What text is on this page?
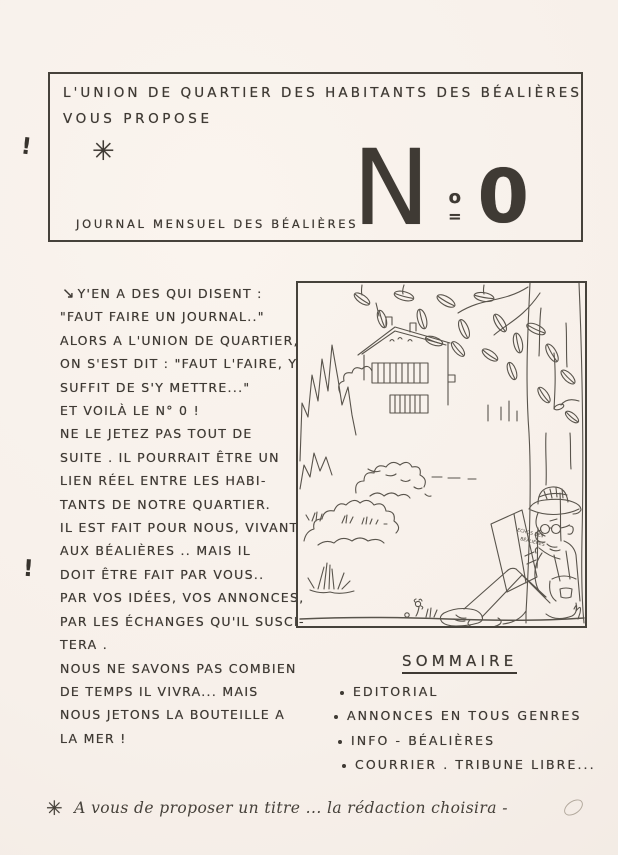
L'UNION DE QUARTIER DES HABITANTS DES BÉALIÈRES
VOUS PROPOSE
✳ N o
= 0
JOURNAL MENSUEL DES BÉALIÈRES
↘ Y'EN A DES QUI DISENT :
"FAUT FAIRE UN JOURNAL.."
ALORS A L'UNION DE QUARTIER,
ON S'EST DIT : "FAUT L'FAIRE, Y
SUFFIT DE S'Y METTRE..."
ET VOILÀ LE N° 0 !
NE LE JETEZ PAS TOUT DE
SUITE . IL POURRAIT ÊTRE UN
LIEN RÉEL ENTRE LES HABI-
TANTS DE NOTRE QUARTIER.
IL EST FAIT POUR NOUS, VIVANT
AUX BÉALIÈRES .. MAIS IL
DOIT ÊTRE FAIT PAR VOUS..
PAR VOS IDÉES, VOS ANNONCES,
PAR LES ÉCHANGES QU'IL SUSCI-
TERA .
NOUS NE SAVONS PAS COMBIEN
DE TEMPS IL VIVRA... MAIS
NOUS JETONS LA BOUTEILLE A
LA MER !
ECHOS DES
BÉALIÈRES
SOMMAIRE
EDITORIAL
ANNONCES EN TOUS GENRES
INFO - BÉALIÈRES
COURRIER . TRIBUNE LIBRE...
✳ A vous de proposer un titre ... la rédaction choisira -
!
!
